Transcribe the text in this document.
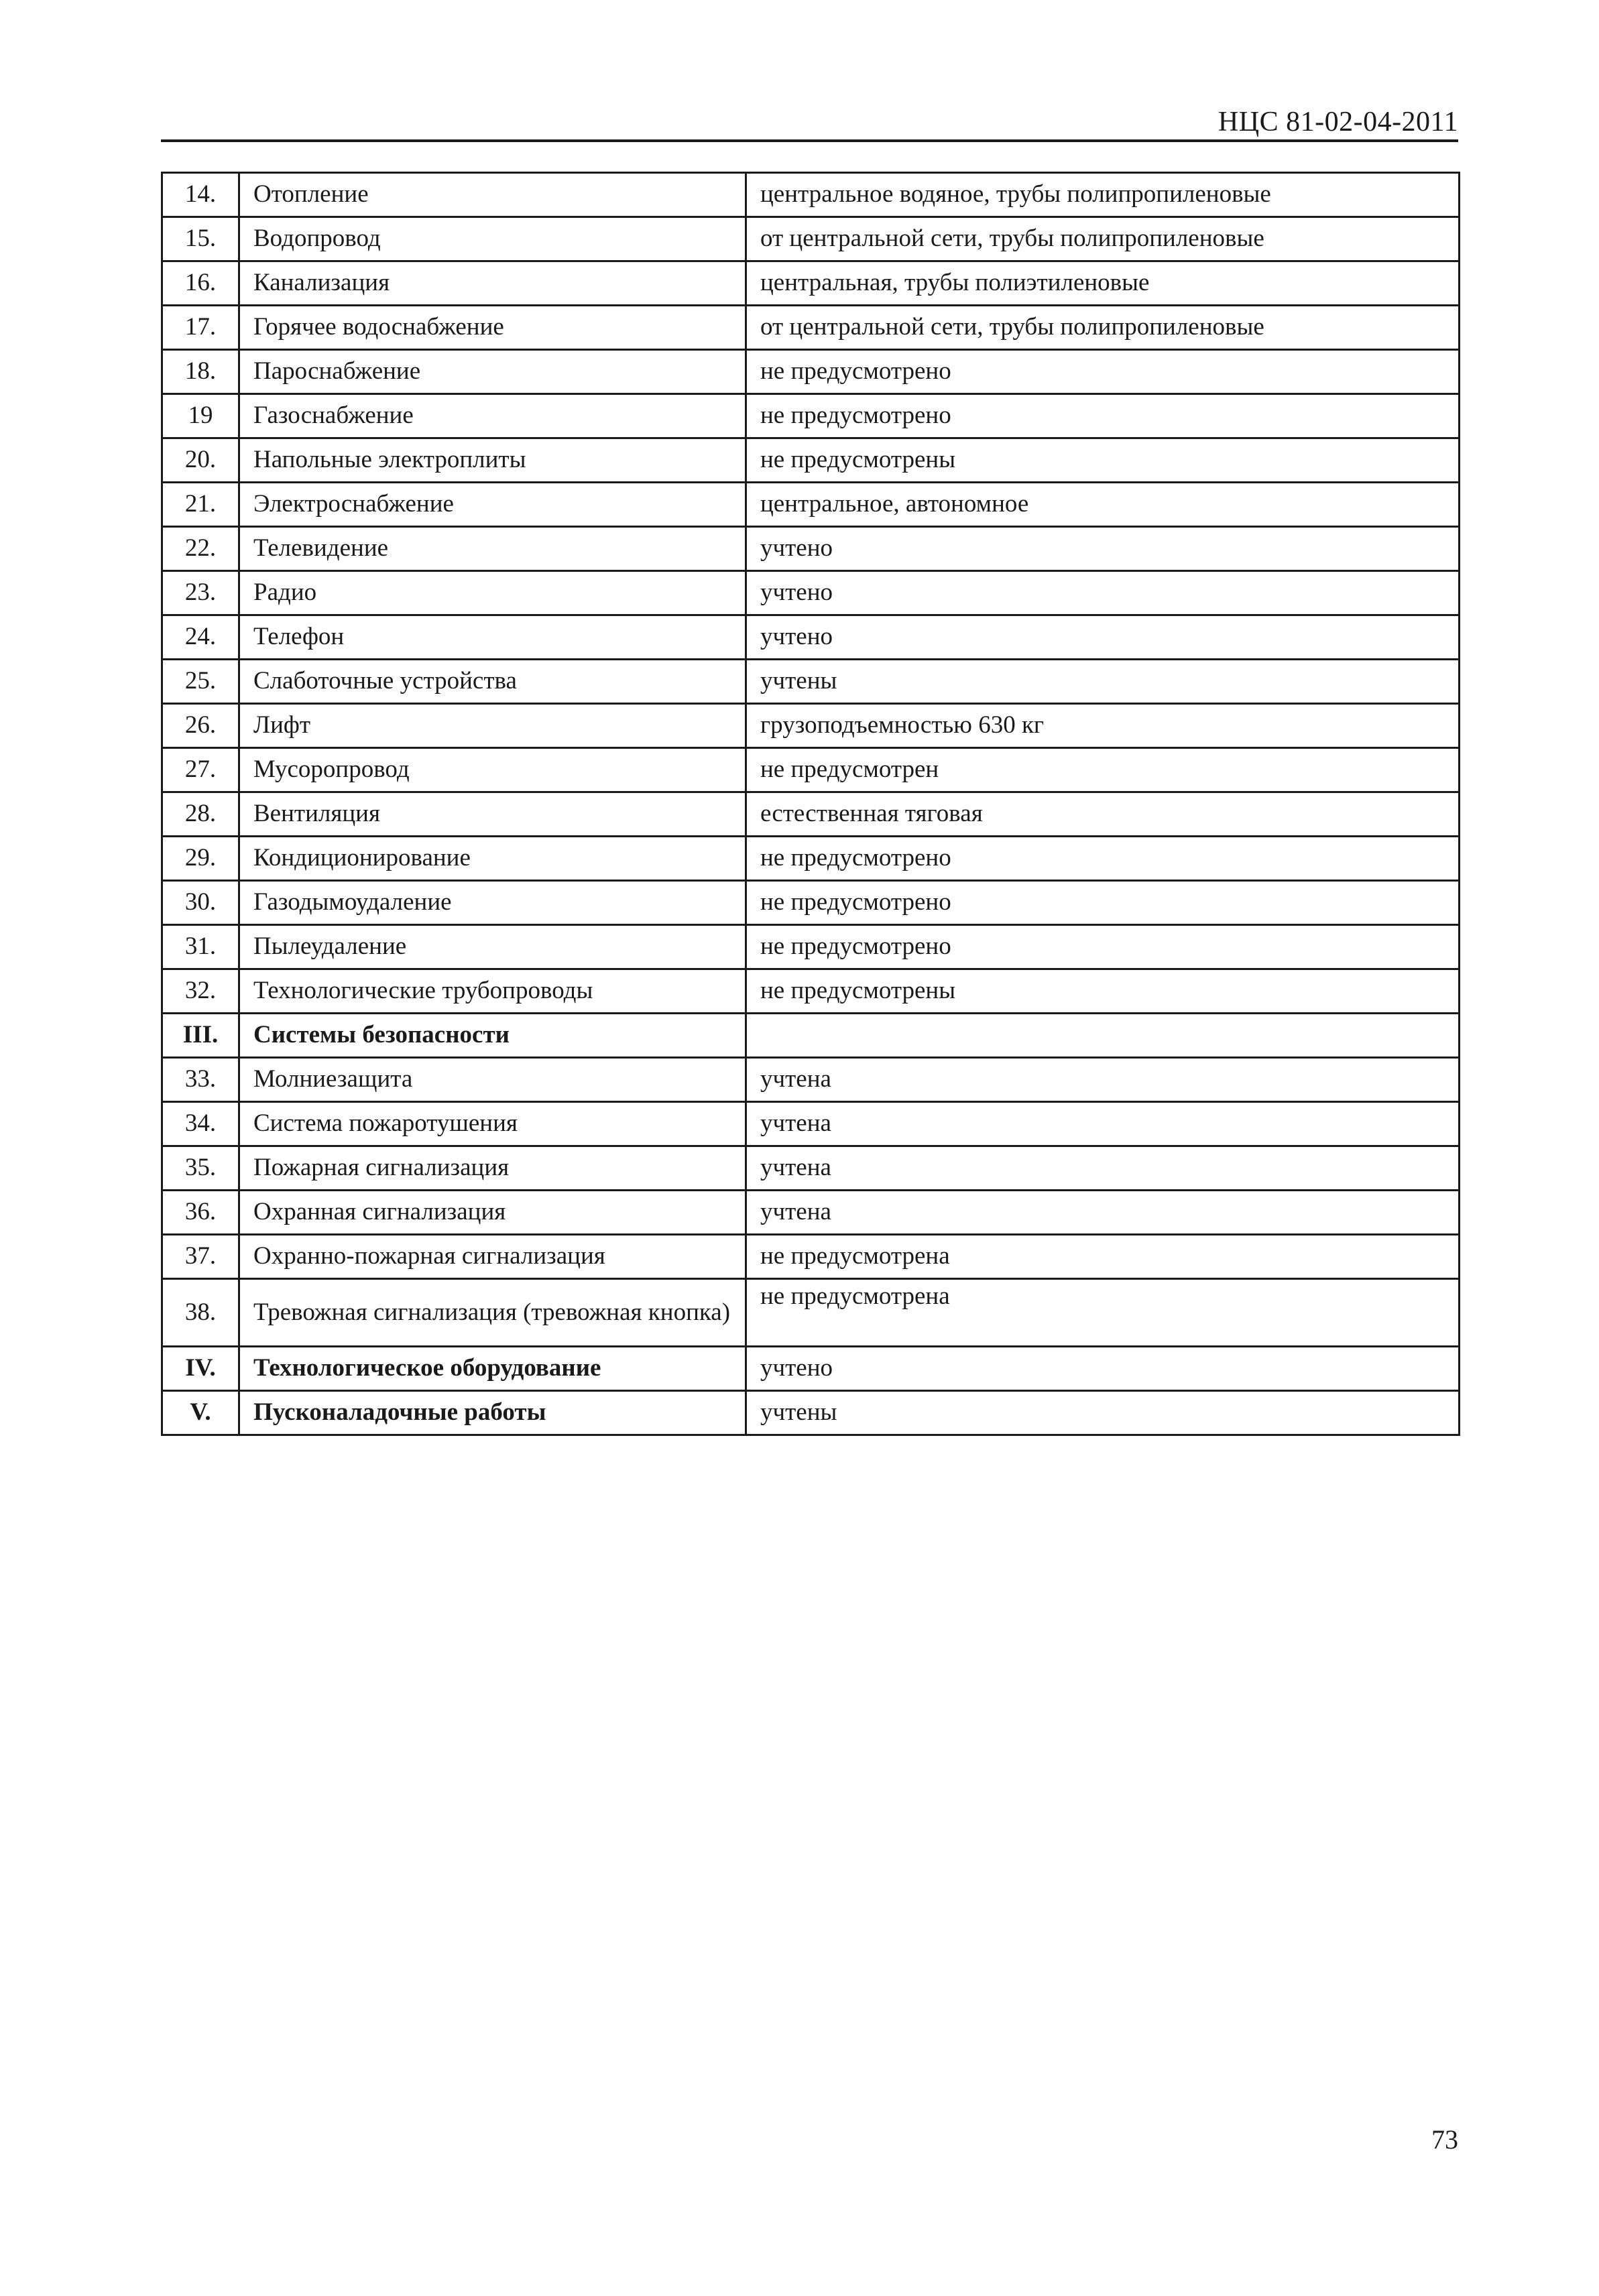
НЦС 81-02-04-2011
14.	Отопление	центральное водяное, трубы полипропиленовые
15.	Водопровод	от центральной сети, трубы полипропиленовые
16.	Канализация	центральная, трубы полиэтиленовые
17.	Горячее водоснабжение	от центральной сети, трубы полипропиленовые
18.	Пароснабжение	не предусмотрено
19	Газоснабжение	не предусмотрено
20.	Напольные электроплиты	не предусмотрены
21.	Электроснабжение	центральное, автономное
22.	Телевидение	учтено
23.	Радио	учтено
24.	Телефон	учтено
25.	Слаботочные устройства	учтены
26.	Лифт	грузоподъемностью 630 кг
27.	Мусоропровод	не предусмотрен
28.	Вентиляция	естественная тяговая
29.	Кондиционирование	не предусмотрено
30.	Газодымоудаление	не предусмотрено
31.	Пылеудаление	не предусмотрено
32.	Технологические трубопроводы	не предусмотрены
III.	Системы безопасности	
33.	Молниезащита	учтена
34.	Система пожаротушения	учтена
35.	Пожарная сигнализация	учтена
36.	Охранная сигнализация	учтена
37.	Охранно-пожарная сигнализация	не предусмотрена
38.	Тревожная сигнализация (тревожная кнопка)	не предусмотрена
IV.	Технологическое оборудование	учтено
V.	Пусконаладочные работы	учтены
73
